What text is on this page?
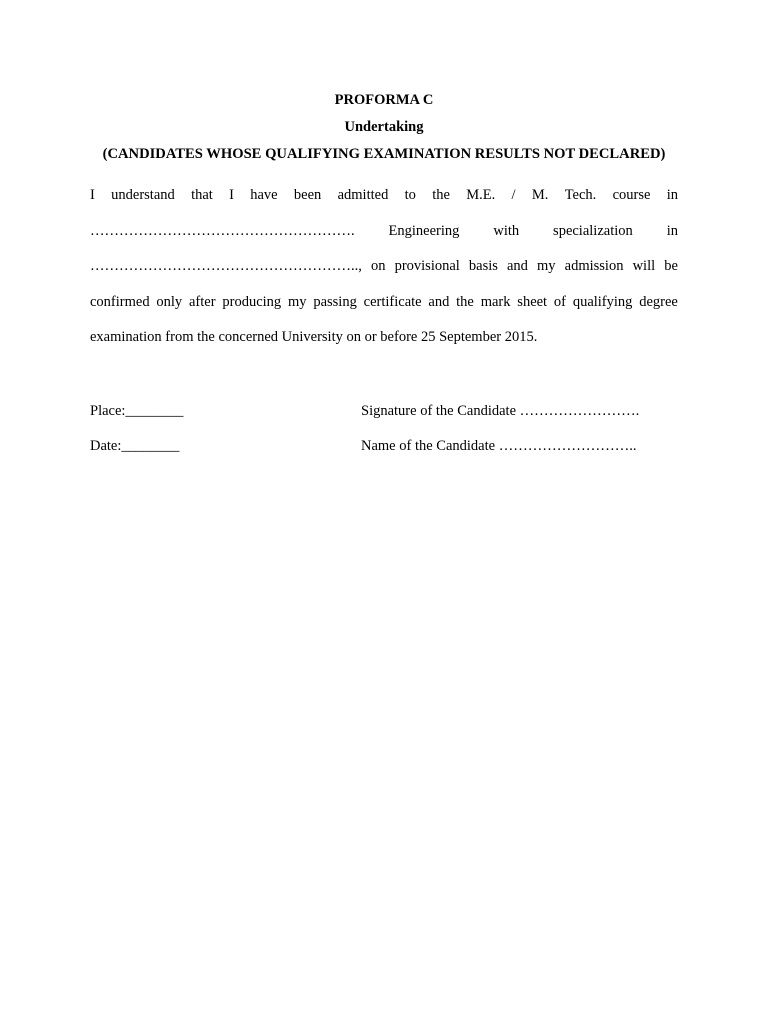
PROFORMA C

Undertaking

(CANDIDATES WHOSE QUALIFYING EXAMINATION RESULTS NOT DECLARED)

I understand that I have been admitted to the M.E. / M. Tech. course in
………………………………………………. Engineering with specialization in
……………………………………………….., on provisional basis and my admission will be
confirmed only after producing my passing certificate and the mark sheet of qualifying degree
examination from the concerned University on or before 25 September 2015.
Place:________	Signature of the Candidate …………………….
Date:________	Name of the Candidate ………………………..
